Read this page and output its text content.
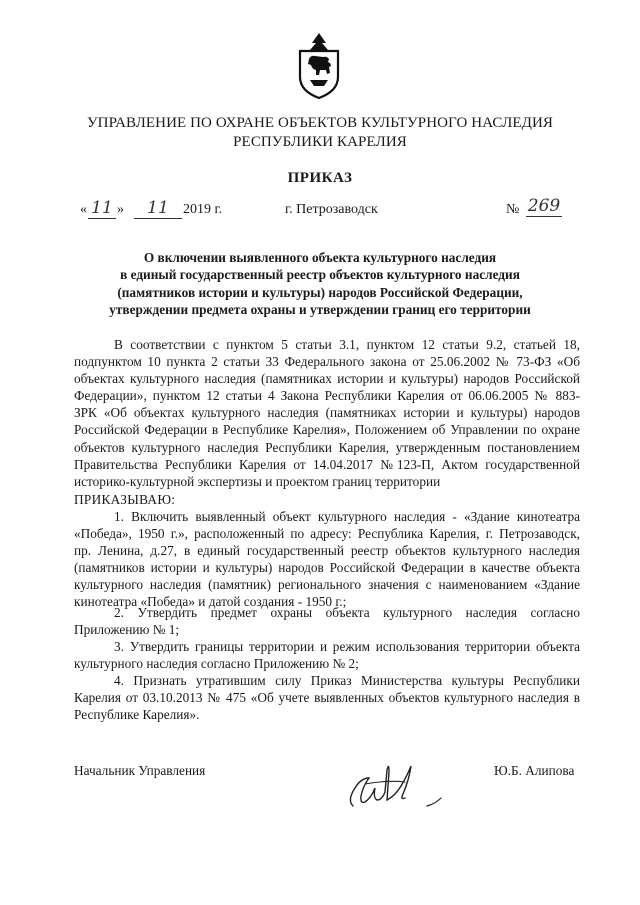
УПРАВЛЕНИЕ ПО ОХРАНЕ ОБЪЕКТОВ КУЛЬТУРНОГО НАСЛЕДИЯ
РЕСПУБЛИКИ КАРЕЛИЯ
ПРИКАЗ
« 11 »	11	2019 г.	г. Петрозаводск	№ 269
О включении выявленного объекта культурного наследия
в единый государственный реестр объектов культурного наследия
(памятников истории и культуры) народов Российской Федерации,
утверждении предмета охраны и утверждении границ его территории
В соответствии с пунктом 5 статьи 3.1, пунктом 12 статьи 9.2, статьей 18,
подпунктом 10 пункта 2 статьи 33 Федерального закона от 25.06.2002 № 73-ФЗ «Об
объектах культурного наследия (памятниках истории и культуры) народов Российской
Федерации», пунктом 12 статьи 4 Закона Республики Карелия от 06.06.2005 № 883-
ЗРК «Об объектах культурного наследия (памятниках истории и культуры) народов
Российской Федерации в Республике Карелия», Положением об Управлении по охране
объектов культурного наследия Республики Карелия, утвержденным постановлением
Правительства Республики Карелия от 14.04.2017 №123-П, Актом государственной
историко-культурной экспертизы и проектом границ территории
ПРИКАЗЫВАЮ:
1. Включить выявленный объект культурного наследия - «Здание кинотеатра
«Победа», 1950 г.», расположенный по адресу: Республика Карелия, г. Петрозаводск,
пр. Ленина, д.27, в единый государственный реестр объектов культурного наследия
(памятников истории и культуры) народов Российской Федерации в качестве объекта
культурного наследия (памятник) регионального значения с наименованием «Здание
кинотеатра «Победа» и датой создания - 1950 г.;
2. Утвердить предмет охраны объекта культурного наследия согласно
Приложению № 1;
3. Утвердить границы территории и режим использования территории объекта
культурного наследия согласно Приложению № 2;
4. Признать утратившим силу Приказ Министерства культуры Республики
Карелия от 03.10.2013 № 475 «Об учете выявленных объектов культурного наследия в
Республике Карелия».
Начальник Управления	Ю.Б. Алипова
